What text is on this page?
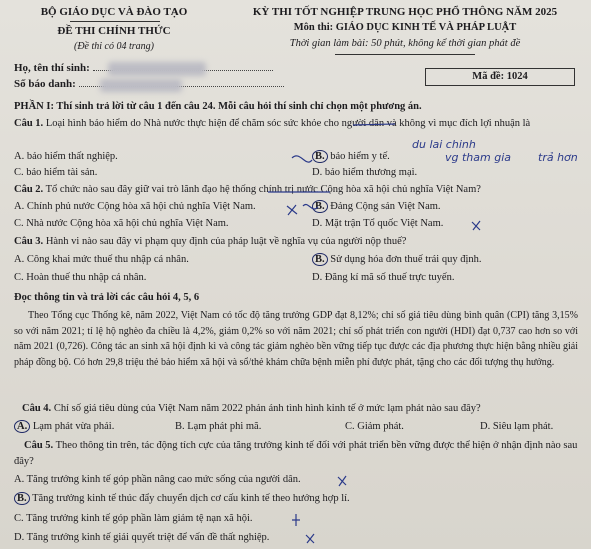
BỘ GIÁO DỤC VÀ ĐÀO TẠO
ĐỀ THI CHÍNH THỨC
(Đề thi có 04 trang)
KỲ THI TỐT NGHIỆP TRUNG HỌC PHỔ THÔNG NĂM 2025
Môn thi: GIÁO DỤC KINH TẾ VÀ PHÁP LUẬT
Thời gian làm bài: 50 phút, không kể thời gian phát đề
Họ, tên thí sinh:
Số báo danh:
Mã đề: 1024
PHẦN I: Thí sinh trả lời từ câu 1 đến câu 24. Mỗi câu hỏi thí sinh chỉ chọn một phương án.
Câu 1. Loại hình bảo hiểm do Nhà nước thực hiện để chăm sóc sức khỏe cho người dân và không vì mục đích lợi nhuận là
A. bảo hiểm thất nghiệp.	B. bảo hiểm y tế.
C. bảo hiểm tài sản.	D. bảo hiểm thương mại.
Câu 2. Tổ chức nào sau đây giữ vai trò lãnh đạo hệ thống chính trị nước Cộng hòa xã hội chủ nghĩa Việt Nam?
A. Chính phủ nước Cộng hòa xã hội chủ nghĩa Việt Nam.	B. Đảng Cộng sản Việt Nam.
C. Nhà nước Cộng hòa xã hội chủ nghĩa Việt Nam.	D. Mặt trận Tổ quốc Việt Nam.
Câu 3. Hành vi nào sau đây vi phạm quy định của pháp luật về nghĩa vụ của người nộp thuế?
A. Công khai mức thuế thu nhập cá nhân.	B. Sử dụng hóa đơn thuế trái quy định.
C. Hoàn thuế thu nhập cá nhân.	D. Đăng kí mã số thuế trực tuyến.
Đọc thông tin và trả lời các câu hỏi 4, 5, 6
Theo Tổng cục Thống kê, năm 2022, Việt Nam có tốc độ tăng trưởng GDP đạt 8,12%; chỉ số giá tiêu dùng bình quân (CPI) tăng 3,15% so với năm 2021; tỉ lệ hộ nghèo đa chiều là 4,2%, giảm 0,2% so với năm 2021; chỉ số phát triển con người (HDI) đạt 0,737 cao hơn so với năm 2021 (0,726). Công tác an sinh xã hội định kì và công tác giảm nghèo bền vững tiếp tục được các địa phương thực hiện bằng nhiều giải pháp đồng bộ. Có hơn 29,8 triệu thẻ bảo hiểm xã hội và sổ/thẻ khám chữa bệnh miễn phí được phát, tặng cho các đối tượng thụ hưởng.
Câu 4. Chỉ số giá tiêu dùng của Việt Nam năm 2022 phản ánh tình hình kinh tế ở mức lạm phát nào sau đây?
A. Lạm phát vừa phải.	B. Lạm phát phi mã.	C. Giảm phát.	D. Siêu lạm phát.
Câu 5. Theo thông tin trên, tác động tích cực của tăng trưởng kinh tế đối với phát triển bền vững được thể hiện ở nhận định nào sau đây?
A. Tăng trưởng kinh tế góp phần nâng cao mức sống của người dân.
B. Tăng trưởng kinh tế thúc đẩy chuyển dịch cơ cấu kinh tế theo hướng hợp lí.
C. Tăng trưởng kinh tế góp phần làm giảm tệ nạn xã hội.
D. Tăng trưởng kinh tế giải quyết triệt để vấn đề thất nghiệp.
du lai chinh
vg tham gia trả hơn
